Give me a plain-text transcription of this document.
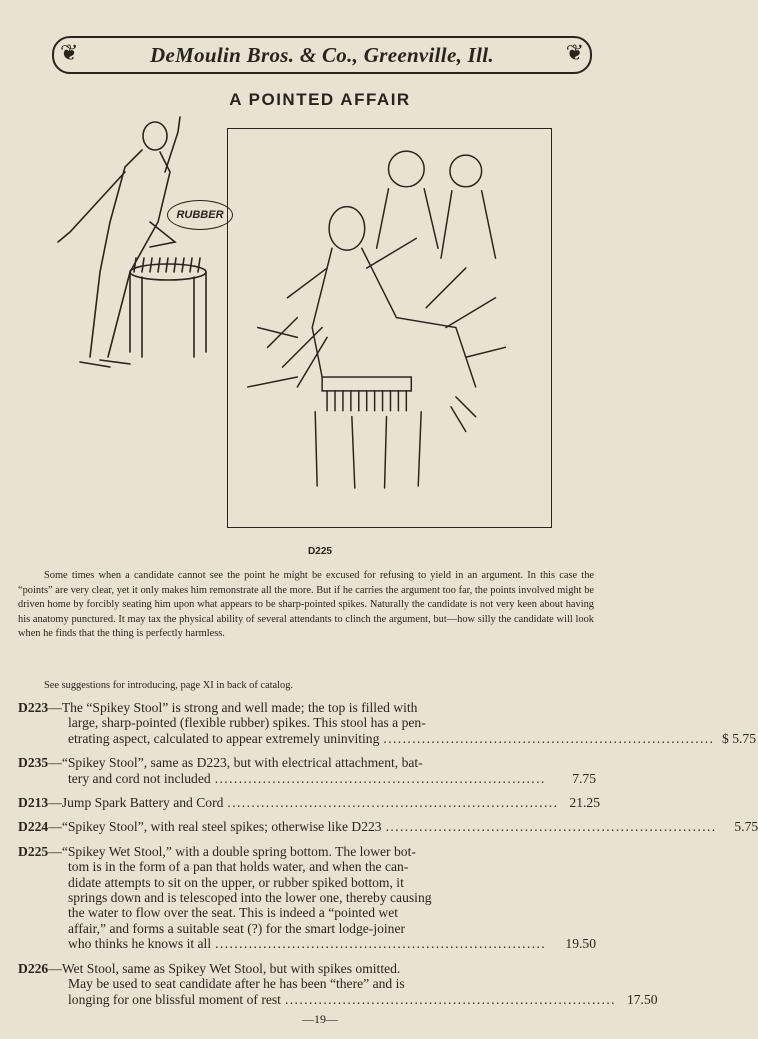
❦	DeMoulin Bros. & Co., Greenville, Ill.	❦
A POINTED AFFAIR
RUBBER
D225

Some times when a candidate cannot see the point he might be excused for refusing to yield in an argument. In this case the “points” are very clear, yet it only makes him remonstrate all the more. But if he carries the argument too far, the points involved might be driven home by forcibly seating him upon what appears to be sharp-pointed spikes. Naturally the candidate is not very keen about having his anatomy punctured. It may tax the physical ability of several attendants to clinch the argument, but—how silly the candidate will look when he finds that the thing is perfectly harmless.

See suggestions for introducing, page XI in back of catalog.
D223 —The “Spikey Stool” is strong and well made; the top is filled with
large, sharp-pointed (flexible rubber) spikes. This stool has a pen-
etrating aspect, calculated to appear extremely uninviting . . .	$ 5.75
D235 —“Spikey Stool”, same as D223, but with electrical attachment, bat-
tery and cord not included . . .	7.75
D213 —Jump Spark Battery and Cord . . .	21.25
D224 —“Spikey Stool”, with real steel spikes; otherwise like D223 . . .	5.75
D225 —“Spikey Wet Stool,” with a double spring bottom. The lower bot-
tom is in the form of a pan that holds water, and when the can-
didate attempts to sit on the upper, or rubber spiked bottom, it
springs down and is telescoped into the lower one, thereby causing
the water to flow over the seat. This is indeed a “pointed wet
affair,” and forms a suitable seat (?) for the smart lodge-joiner
who thinks he knows it all . . .	19.50
D226 —Wet Stool, same as Spikey Wet Stool, but with spikes omitted.
May be used to seat candidate after he has been “there” and is
longing for one blissful moment of rest . . .	17.50
—19—
